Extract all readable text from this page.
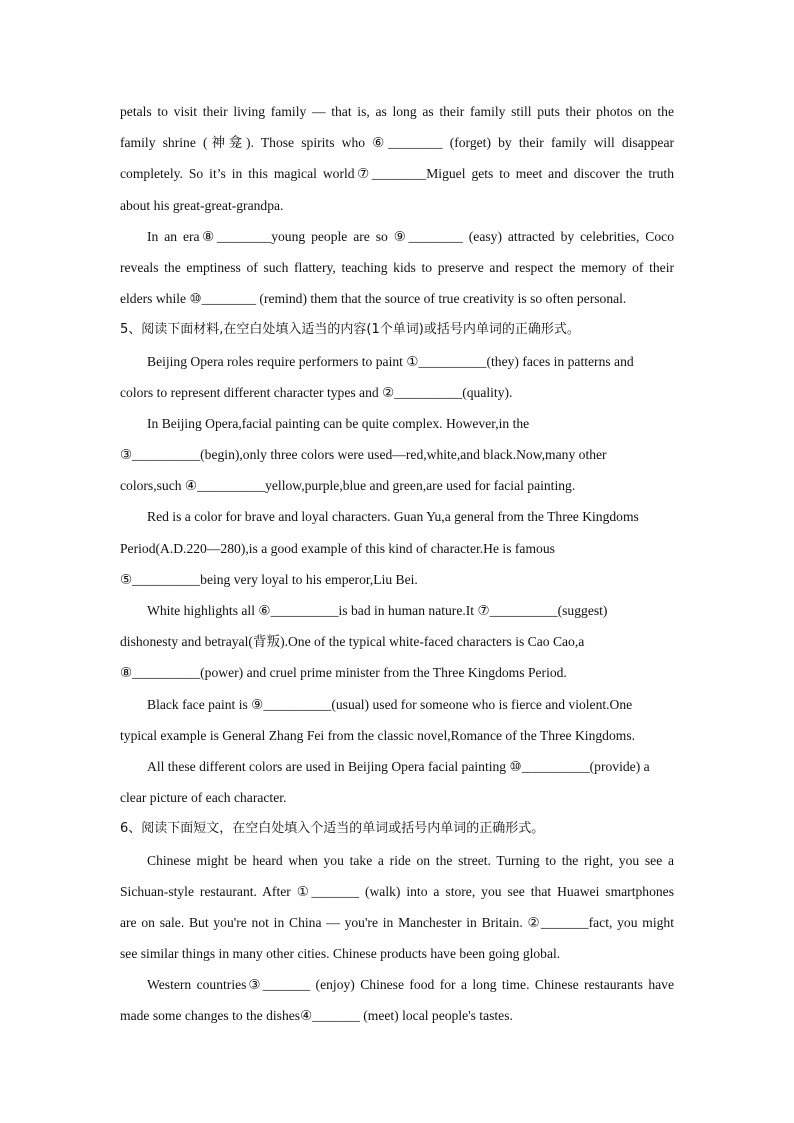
petals to visit their living family — that is, as long as their family still puts their photos on the
family shrine (神龛). Those spirits who ⑥________ (forget) by their family will disappear
completely. So it’s in this magical world⑦________Miguel gets to meet and discover the truth
about his great-great-grandpa.
In an era⑧________young people are so ⑨________ (easy) attracted by celebrities, Coco
reveals the emptiness of such flattery, teaching kids to preserve and respect the memory of their
elders while ⑩________ (remind) them that the source of true creativity is so often personal.
5、阅读下面材料,在空白处填入适当的内容(1个单词)或括号内单词的正确形式。
Beijing Opera roles require performers to paint ①__________(they) faces in patterns and
colors to represent different character types and ②__________(quality).
In Beijing Opera,facial painting can be quite complex. However,in the
③__________(begin),only three colors were used—red,white,and black.Now,many other
colors,such ④__________yellow,purple,blue and green,are used for facial painting.
Red is a color for brave and loyal characters. Guan Yu,a general from the Three Kingdoms
Period(A.D.220—280),is a good example of this kind of character.He is famous
⑤__________being very loyal to his emperor,Liu Bei.
White highlights all ⑥__________is bad in human nature.It ⑦__________(suggest)
dishonesty and betrayal(背叛).One of the typical white-faced characters is Cao Cao,a
⑧__________(power) and cruel prime minister from the Three Kingdoms Period.
Black face paint is ⑨__________(usual) used for someone who is fierce and violent.One
typical example is General Zhang Fei from the classic novel,Romance of the Three Kingdoms.
All these different colors are used in Beijing Opera facial painting ⑩__________(provide) a
clear picture of each character.
6、阅读下面短文，在空白处填入个适当的单词或括号内单词的正确形式。
Chinese might be heard when you take a ride on the street. Turning to the right, you see a
Sichuan-style restaurant. After ①_______ (walk) into a store, you see that Huawei smartphones
are on sale. But you're not in China — you're in Manchester in Britain. ②_______fact, you might
see similar things in many other cities. Chinese products have been going global.
Western countries③_______ (enjoy) Chinese food for a long time. Chinese restaurants have
made some changes to the dishes④_______ (meet) local people's tastes.
